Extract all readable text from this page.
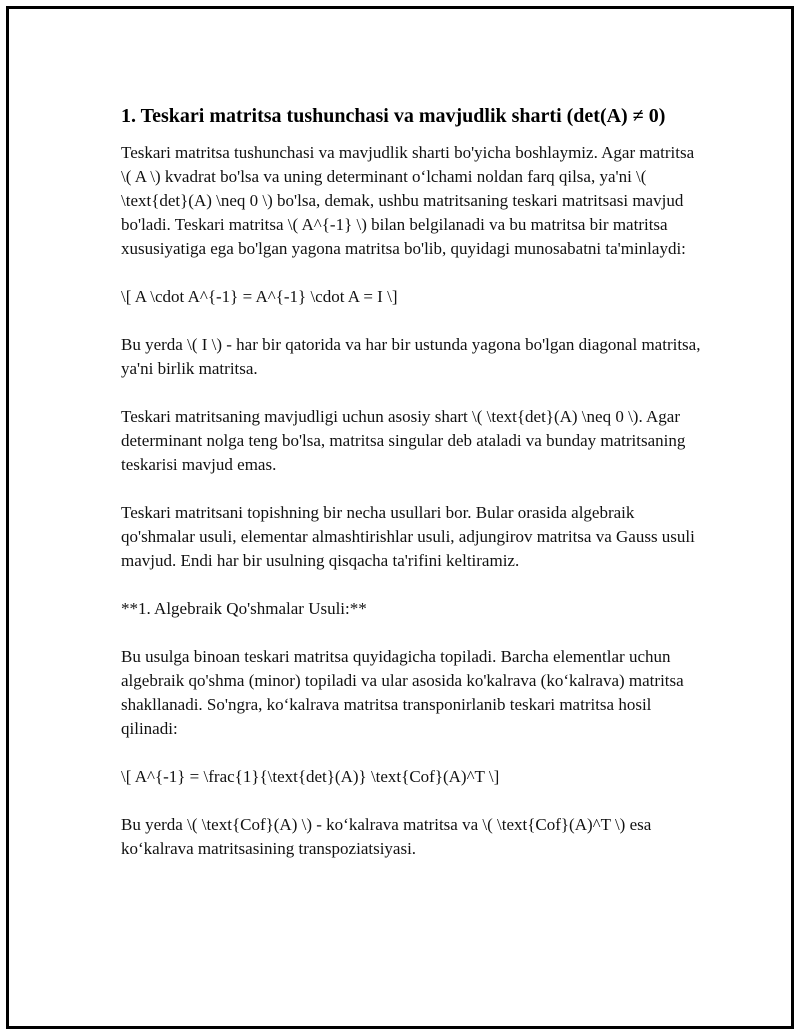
1. Teskari matritsa tushunchasi va mavjudlik sharti (det(A) ≠ 0)

Teskari matritsa tushunchasi va mavjudlik sharti bo'yicha boshlaymiz. Agar matritsa \( A \) kvadrat bo'lsa va uning determinant o‘lchami noldan farq qilsa, ya'ni \( \text{det}(A) \neq 0 \) bo'lsa, demak, ushbu matritsaning teskari matritsasi mavjud bo'ladi. Teskari matritsa \( A^{-1} \) bilan belgilanadi va bu matritsa bir matritsa xususiyatiga ega bo'lgan yagona matritsa bo'lib, quyidagi munosabatni ta'minlaydi:

\[ A \cdot A^{-1} = A^{-1} \cdot A = I \]

Bu yerda \( I \) - har bir qatorida va har bir ustunda yagona bo'lgan diagonal matritsa, ya'ni birlik matritsa.

Teskari matritsaning mavjudligi uchun asosiy shart \( \text{det}(A) \neq 0 \). Agar determinant nolga teng bo'lsa, matritsa singular deb ataladi va bunday matritsaning teskarisi mavjud emas.

Teskari matritsani topishning bir necha usullari bor. Bular orasida algebraik qo'shmalar usuli, elementar almashtirishlar usuli, adjungirov matritsa va Gauss usuli mavjud. Endi har bir usulning qisqacha ta'rifini keltiramiz.

**1. Algebraik Qo'shmalar Usuli:**

Bu usulga binoan teskari matritsa quyidagicha topiladi. Barcha elementlar uchun algebraik qo'shma (minor) topiladi va ular asosida ko'kalrava (ko‘kalrava) matritsa shakllanadi. So'ngra, ko‘kalrava matritsa transponirlanib teskari matritsa hosil qilinadi:

\[ A^{-1} = \frac{1}{\text{det}(A)} \text{Cof}(A)^T \]

Bu yerda \( \text{Cof}(A) \) - ko‘kalrava matritsa va \( \text{Cof}(A)^T \) esa ko‘kalrava matritsasining transpoziatsiyasi.
